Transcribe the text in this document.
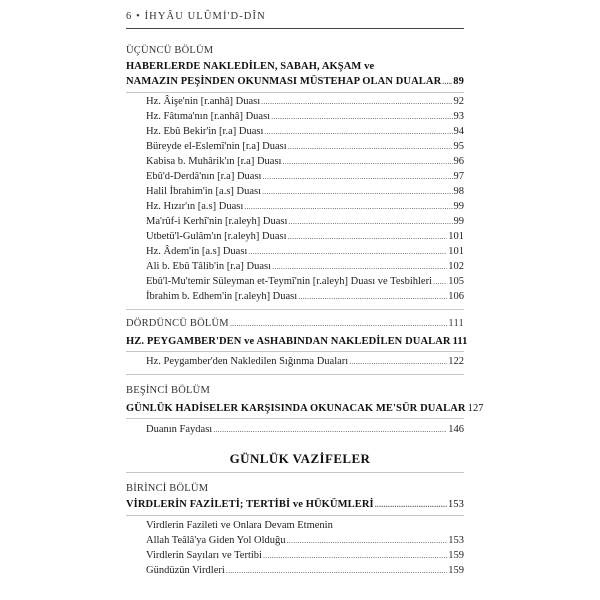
6 • İHYÂU ULÛMİ'D-DÎN
ÜÇÜNCÜ BÖLÜM
HABERLERDE NAKLEDİLEN, SABAH, AKŞAM ve
NAMAZIN PEŞİNDEN OKUNMASI MÜSTEHAP OLAN DUALAR ..... 89
Hz. Âişe'nin [r.anhâ] Duası .....	92
Hz. Fâtıma'nın [r.anhâ] Duası .....	93
Hz. Ebû Bekir'in [r.a] Duası .....	94
Büreyde el-Eslemî'nin [r.a] Duası .....	95
Kabisa b. Muhârik'ın [r.a] Duası .....	96
Ebû'd-Derdâ'nın [r.a] Duası .....	97
Halil İbrahim'in [a.s] Duası .....	98
Hz. Hızır'ın [a.s] Duası .....	99
Ma'rûf-i Kerhî'nin [r.aleyh] Duası .....	99
Utbetü'l-Gulâm'ın [r.aleyh] Duası .....	101
Hz. Âdem'in [a.s] Duası .....	101
Ali b. Ebû Tâlib'in [r.a] Duası .....	102
Ebû'l-Mu'temir Süleyman et-Teymî'nin [r.aleyh] Duası ve Tesbihleri ..... 105
İbrahim b. Edhem'in [r.aleyh] Duası .....	106
DÖRDÜNCÜ BÖLÜM .....	111
HZ. PEYGAMBER'DEN ve ASHABINDAN NAKLEDİLEN DUALAR 111
Hz. Peygamber'den Nakledilen Sığınma Duaları .....	122
BEŞİNCİ BÖLÜM
GÜNLÜK HADİSELER KARŞISINDA OKUNACAK ME'SÜR DUALAR 127
Duanın Faydası .....	146
GÜNLÜK VAZİFELER
BİRİNCİ BÖLÜM
VİRDLERİN FAZİLETİ; TERTİBİ ve HÜKÜMLERİ .....	153
Virdlerin Fazileti ve Onlara Devam Etmenin
Allah Teâlâ'ya Giden Yol Olduğu .....	153
Virdlerin Sayıları ve Tertibi .....	159
Gündüzün Virdleri .....	159
